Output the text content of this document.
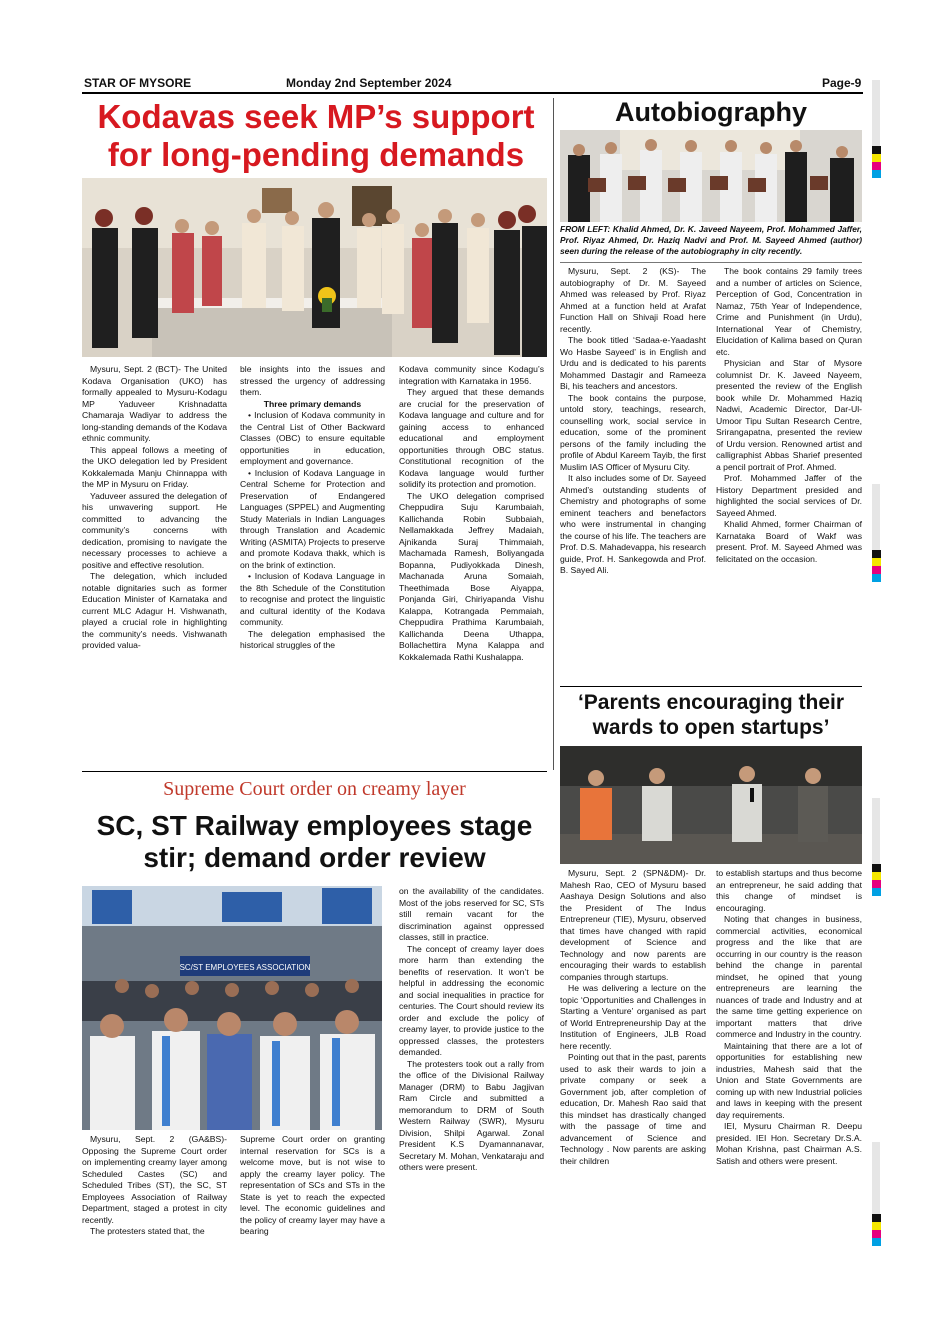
STAR OF MYSORE	Monday 2nd September 2024	Page-9
Kodavas seek MP’s support
for long-pending demands

Mysuru, Sept. 2 (BCT)- The United Kodava Organisation (UKO) has formally appealed to Mysuru-Kodagu MP Yaduveer Krishnadatta Chamaraja Wadiyar to address the long-standing demands of the Kodava ethnic community.

This appeal follows a meeting of the UKO delegation led by President Kokkalemada Manju Chinnappa with the MP in Mysuru on Friday.

Yaduveer assured the delegation of his unwavering support. He committed to advancing the community’s concerns with dedication, promising to navigate the necessary processes to achieve a positive and effective resolution.

The delegation, which included notable dignitaries such as former Education Minister of Karnataka and current MLC Adagur H. Vishwanath, played a crucial role in highlighting the community’s needs. Vishwanath provided valua-

ble insights into the issues and stressed the urgency of addressing them.

Three primary demands

• Inclusion of Kodava community in the Central List of Other Backward Classes (OBC) to ensure equitable opportunities in education, employment and governance.

• Inclusion of Kodava Language in Central Scheme for Protection and Preservation of Endangered Languages (SPPEL) and Augmenting Study Materials in Indian Languages through Translation and Academic Writing (ASMITA) Projects to preserve and promote Kodava thakk, which is on the brink of extinction.

• Inclusion of Kodava Language in the 8th Schedule of the Constitution to recognise and protect the linguistic and cultural identity of the Kodava community.

The delegation emphasised the historical struggles of the

Kodava community since Kodagu’s integration with Karnataka in 1956.

They argued that these demands are crucial for the preservation of Kodava language and culture and for gaining access to enhanced educational and employment opportunities through OBC status. Constitutional recognition of the Kodava language would further solidify its protection and promotion.

The UKO delegation comprised Cheppudira Suju Karumbaiah, Kallichanda Robin Subbaiah, Nellamakkada Jeffrey Madaiah, Ajnikanda Suraj Thimmaiah, Machamada Ramesh, Boliyangada Bopanna, Pudiyokkada Dinesh, Machanada Aruna Somaiah, Theethimada Bose Aiyappa, Ponjanda Giri, Chiriyapanda Vishu Kalappa, Kotrangada Pemmaiah, Cheppudira Prathima Karumbaiah, Kallichanda Deena Uthappa, Bollachettira Myna Kalappa and Kokkalemada Rathi Kushalappa.

Autobiography
FROM LEFT: Khalid Ahmed, Dr. K. Javeed Nayeem, Prof. Mohammed Jaffer, Prof. Riyaz Ahmed, Dr. Haziq Nadvi and Prof. M. Sayeed Ahmed (author) seen during the release of the autobiography in city recently.

Mysuru, Sept. 2 (KS)- The autobiography of Dr. M. Sayeed Ahmed was released by Prof. Riyaz Ahmed at a function held at Arafat Function Hall on Shivaji Road here recently.

The book titled ‘Sadaa-e-Yaadasht Wo Hasbe Sayeed’ is in English and Urdu and is dedicated to his parents Mohammed Dastagir and Rameeza Bi, his teachers and ancestors.

The book contains the purpose, untold story, teachings, research, counselling work, social service in education, some of the prominent persons of the family including the profile of Abdul Kareem Tayib, the first Muslim IAS Officer of Mysuru City.

It also includes some of Dr. Sayeed Ahmed’s outstanding students of Chemistry and photographs of some eminent teachers and benefactors who were instrumental in changing the course of his life. The teachers are Prof. D.S. Mahadevappa, his research guide, Prof. H. Sankegowda and Prof. B. Sayed Ali.

The book contains 29 family trees and a number of articles on Science, Perception of God, Concentration in Namaz, 75th Year of Independence, Crime and Punishment (in Urdu), International Year of Chemistry, Elucidation of Kalima based on Quran etc.

Physician and Star of Mysore columnist Dr. K. Javeed Nayeem, presented the review of the English book while Dr. Mohammed Haziq Nadwi, Academic Director, Dar-Ul-Umoor Tipu Sultan Research Centre, Srirangapatna, presented the review of Urdu version. Renowned artist and calligraphist Abbas Sharief presented a pencil portrait of Prof. Ahmed.

Prof. Mohammed Jaffer of the History Department presided and highlighted the social services of Dr. Sayeed Ahmed.

Khalid Ahmed, former Chairman of Karnataka Board of Wakf was present. Prof. M. Sayeed Ahmed was felicitated on the occasion.

‘Parents encouraging their
wards to open startups’

Mysuru, Sept. 2 (SPN&DM)- Dr. Mahesh Rao, CEO of Mysuru based Aashaya Design Solutions and also the President of The Indus Entrepreneur (TIE), Mysuru, observed that times have changed with rapid development of Science and Technology and now parents are encouraging their wards to establish companies through startups.

He was delivering a lecture on the topic ‘Opportunities and Challenges in Starting a Venture’ organised as part of World Entrepreneurship Day at the Institution of Engineers, JLB Road here recently.

Pointing out that in the past, parents used to ask their wards to join a private company or seek a Government job, after completion of education, Dr. Mahesh Rao said that this mindset has drastically changed with the passage of time and advancement of Science and Technology . Now parents are asking their children

to establish startups and thus become an entrepreneur, he said adding that this change of mindset is encouraging.

Noting that changes in business, commercial activities, economical progress and the like that are occurring in our country is the reason behind the change in parental mindset, he opined that young entrepreneurs are learning the nuances of trade and Industry and at the same time getting experience on important matters that drive commerce and Industry in the country.

Maintaining that there are a lot of opportunities for establishing new industries, Mahesh said that the Union and State Governments are coming up with new Industrial policies and laws in keeping with the present day requirements.

IEI, Mysuru Chairman R. Deepu presided. IEI Hon. Secretary Dr.S.A. Mohan Krishna, past Chairman A.S. Satish and others were present.

Supreme Court order on creamy layer
SC, ST Railway employees stage
stir; demand order review
SC/ST EMPLOYEES ASSOCIATION

Mysuru, Sept. 2 (GA&BS)- Opposing the Supreme Court order on implementing creamy layer among Scheduled Castes (SC) and Scheduled Tribes (ST), the SC, ST Employees Association of Railway Department, staged a protest in city recently.

The protesters stated that, the

Supreme Court order on granting internal reservation for SCs is a welcome move, but is not wise to apply the creamy layer policy. The representation of SCs and STs in the State is yet to reach the expected level. The economic guidelines and the policy of creamy layer may have a bearing

on the availability of the candidates. Most of the jobs reserved for SC, STs still remain vacant for the discrimination against oppressed classes, still in practice.

The concept of creamy layer does more harm than extending the benefits of reservation. It won’t be helpful in addressing the economic and social inequalities in practice for centuries. The Court should review its order and exclude the policy of creamy layer, to provide justice to the oppressed classes, the protesters demanded.

The protesters took out a rally from the office of the Divisional Railway Manager (DRM) to Babu Jagjivan Ram Circle and submitted a memorandum to DRM of South Western Railway (SWR), Mysuru Division, Shilpi Agarwal. Zonal President K.S Dyamannanavar, Secretary M. Mohan, Venkataraju and others were present.
